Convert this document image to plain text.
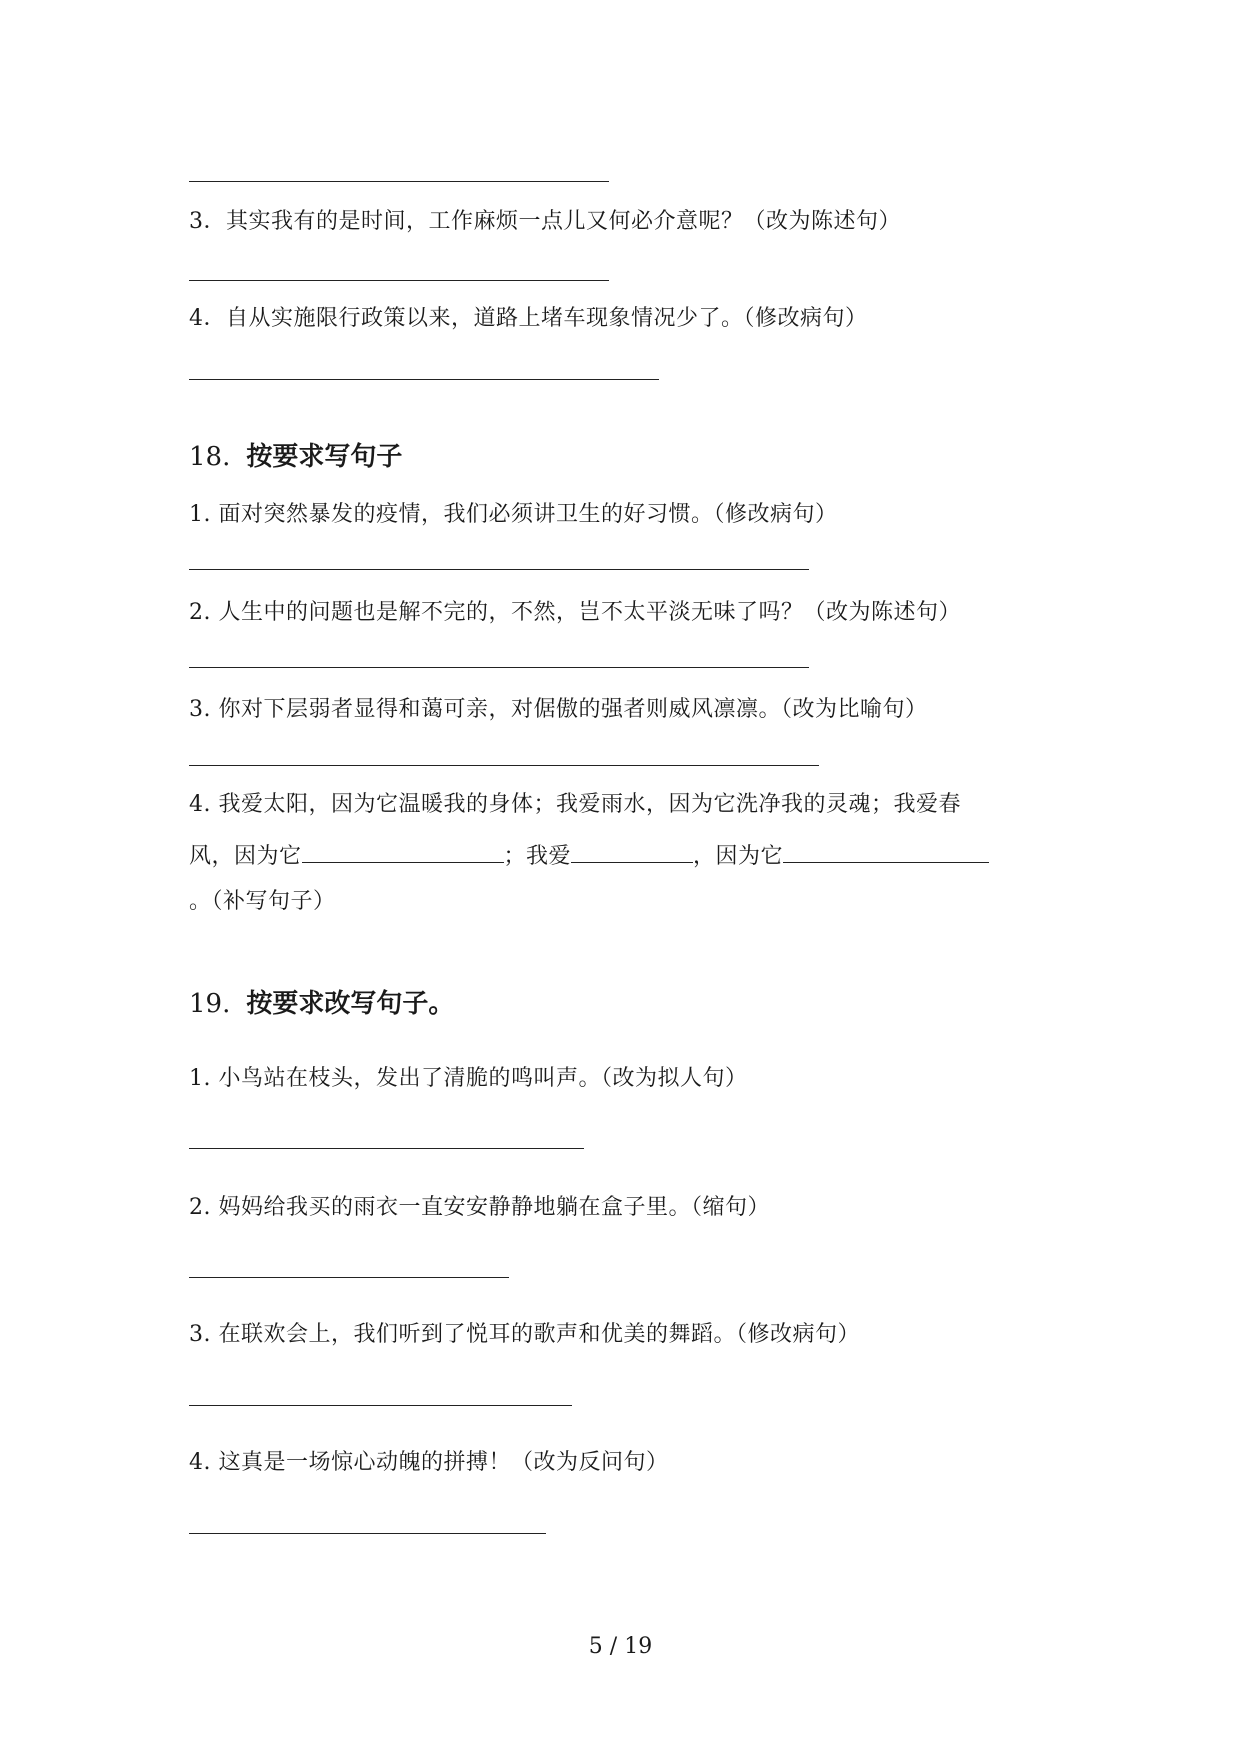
3．其实我有的是时间，工作麻烦一点儿又何必介意呢？（改为陈述句）
4．自从实施限行政策以来，道路上堵车现象情况少了。（修改病句）
18. 按要求写句子
1. 面对突然暴发的疫情，我们必须讲卫生的好习惯。（修改病句）
2. 人生中的问题也是解不完的，不然，岂不太平淡无味了吗？（改为陈述句）
3. 你对下层弱者显得和蔼可亲，对倨傲的强者则威风凛凛。（改为比喻句）
4. 我爱太阳，因为它温暖我的身体；我爱雨水，因为它洗净我的灵魂；我爱春
风，因为它	；我爱	，因为它
。（补写句子）
19. 按要求改写句子。
1. 小鸟站在枝头，发出了清脆的鸣叫声。（改为拟人句）
2. 妈妈给我买的雨衣一直安安静静地躺在盒子里。（缩句）
3. 在联欢会上，我们听到了悦耳的歌声和优美的舞蹈。（修改病句）
4. 这真是一场惊心动魄的拼搏！（改为反问句）
5 / 19
